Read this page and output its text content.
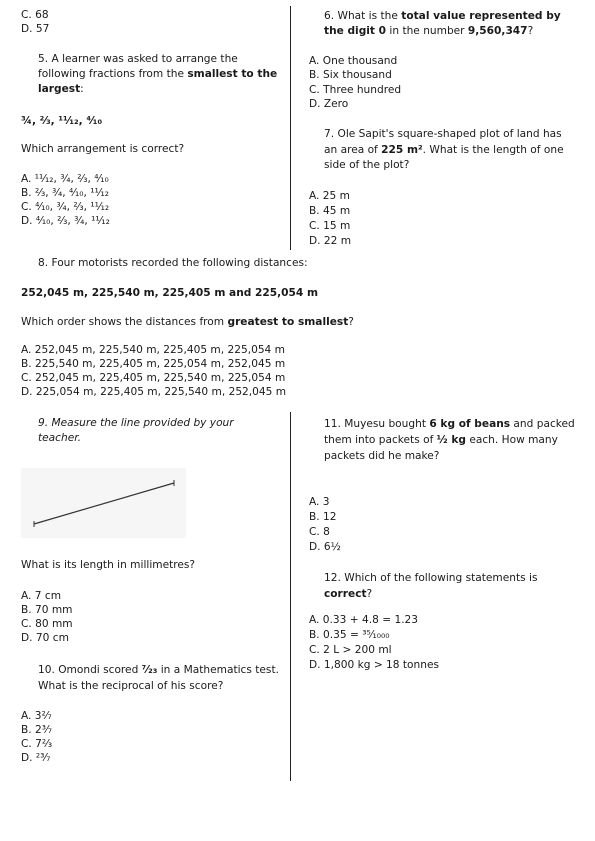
C. 68
D. 57
5. A learner was asked to arrange the following fractions from the smallest to the largest:
¾, ⅔, ¹¹⁄₁₂, ⁴⁄₁₀
Which arrangement is correct?
A. ¹¹⁄₁₂, ¾, ⅔, ⁴⁄₁₀
B. ⅔, ¾, ⁴⁄₁₀, ¹¹⁄₁₂
C. ⁴⁄₁₀, ¾, ⅔, ¹¹⁄₁₂
D. ⁴⁄₁₀, ⅔, ¾, ¹¹⁄₁₂
6. What is the total value represented by the digit 0 in the number 9,560,347?
A. One thousand
B. Six thousand
C. Three hundred
D. Zero
7. Ole Sapit's square-shaped plot of land has an area of 225 m². What is the length of one side of the plot?
A. 25 m
B. 45 m
C. 15 m
D. 22 m
8. Four motorists recorded the following distances:
252,045 m, 225,540 m, 225,405 m and 225,054 m
Which order shows the distances from greatest to smallest?
A. 252,045 m, 225,540 m, 225,405 m, 225,054 m
B. 225,540 m, 225,405 m, 225,054 m, 252,045 m
C. 252,045 m, 225,405 m, 225,540 m, 225,054 m
D. 225,054 m, 225,405 m, 225,540 m, 252,045 m
9. Measure the line provided by your teacher.
What is its length in millimetres?
A. 7 cm
B. 70 mm
C. 80 mm
D. 70 cm
10. Omondi scored ⁷⁄₂₃ in a Mathematics test. What is the reciprocal of his score?
A. 3²⁄₇
B. 2³⁄₇
C. 7²⁄₃
D. ²³⁄₇
11. Muyesu bought 6 kg of beans and packed them into packets of ½ kg each. How many packets did he make?
A. 3
B. 12
C. 8
D. 6½
12. Which of the following statements is correct?
A. 0.33 + 4.8 = 1.23
B. 0.35 = ³⁵⁄₁₀₀₀
C. 2 L > 200 ml
D. 1,800 kg > 18 tonnes
